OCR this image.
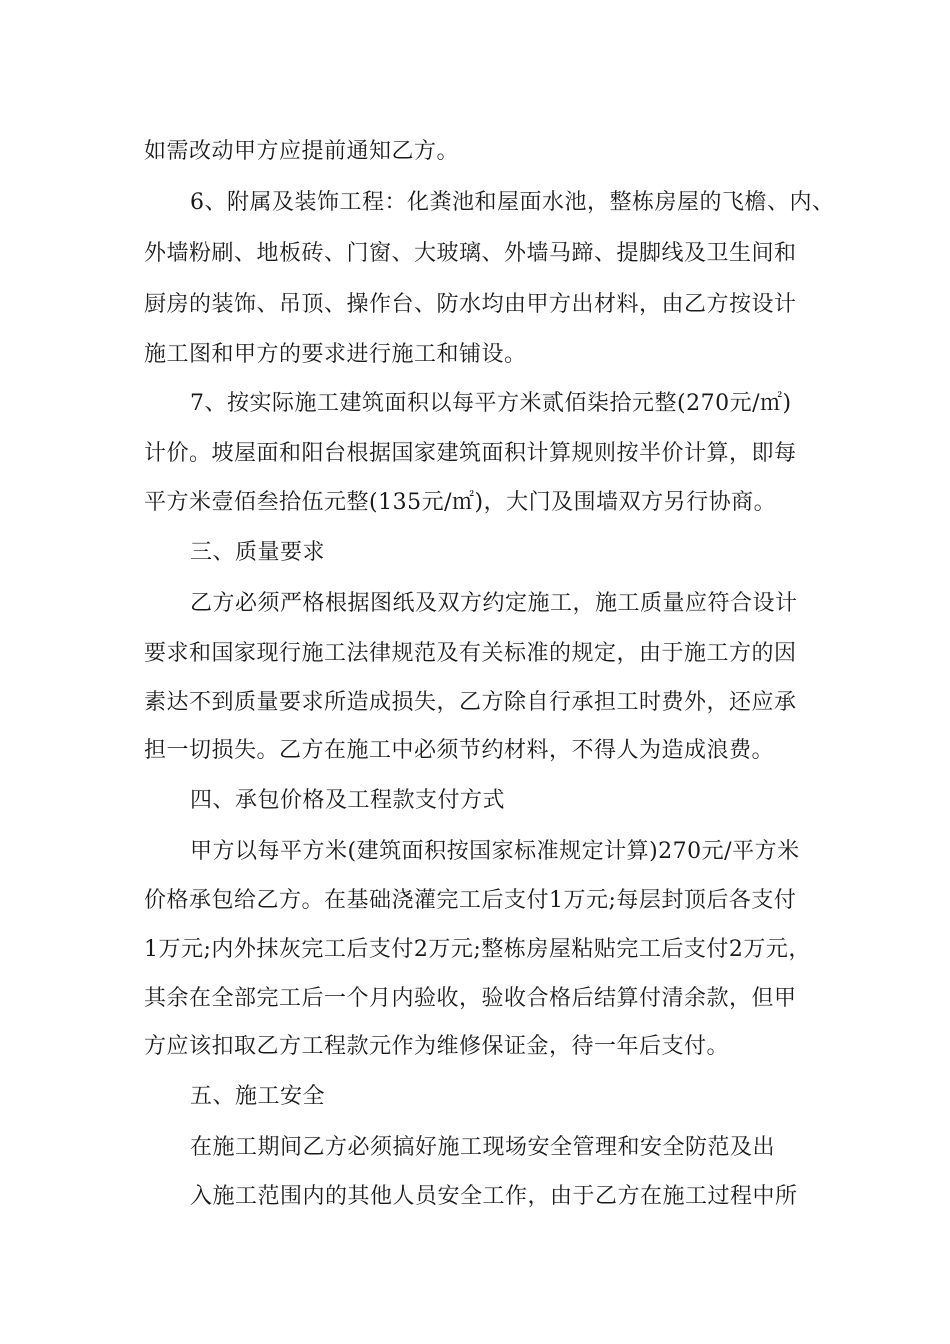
如需改动甲方应提前通知乙方。
6、附属及装饰工程：化粪池和屋面水池，整栋房屋的飞檐、内、
外墙粉刷、地板砖、门窗、大玻璃、外墙马蹄、提脚线及卫生间和
厨房的装饰、吊顶、操作台、防水均由甲方出材料，由乙方按设计
施工图和甲方的要求进行施工和铺设。
7、按实际施工建筑面积以每平方米贰佰柒拾元整(270元/㎡)
计价。坡屋面和阳台根据国家建筑面积计算规则按半价计算，即每
平方米壹佰叁拾伍元整(135元/㎡)，大门及围墙双方另行协商。
三、质量要求
乙方必须严格根据图纸及双方约定施工，施工质量应符合设计
要求和国家现行施工法律规范及有关标准的规定，由于施工方的因
素达不到质量要求所造成损失，乙方除自行承担工时费外，还应承
担一切损失。乙方在施工中必须节约材料，不得人为造成浪费。
四、承包价格及工程款支付方式
甲方以每平方米(建筑面积按国家标准规定计算)270元/平方米
价格承包给乙方。在基础浇灌完工后支付1万元;每层封顶后各支付
1万元;内外抹灰完工后支付2万元;整栋房屋粘贴完工后支付2万元，
其余在全部完工后一个月内验收，验收合格后结算付清余款，但甲
方应该扣取乙方工程款元作为维修保证金，待一年后支付。
五、施工安全
在施工期间乙方必须搞好施工现场安全管理和安全防范及出
入施工范围内的其他人员安全工作，由于乙方在施工过程中所
